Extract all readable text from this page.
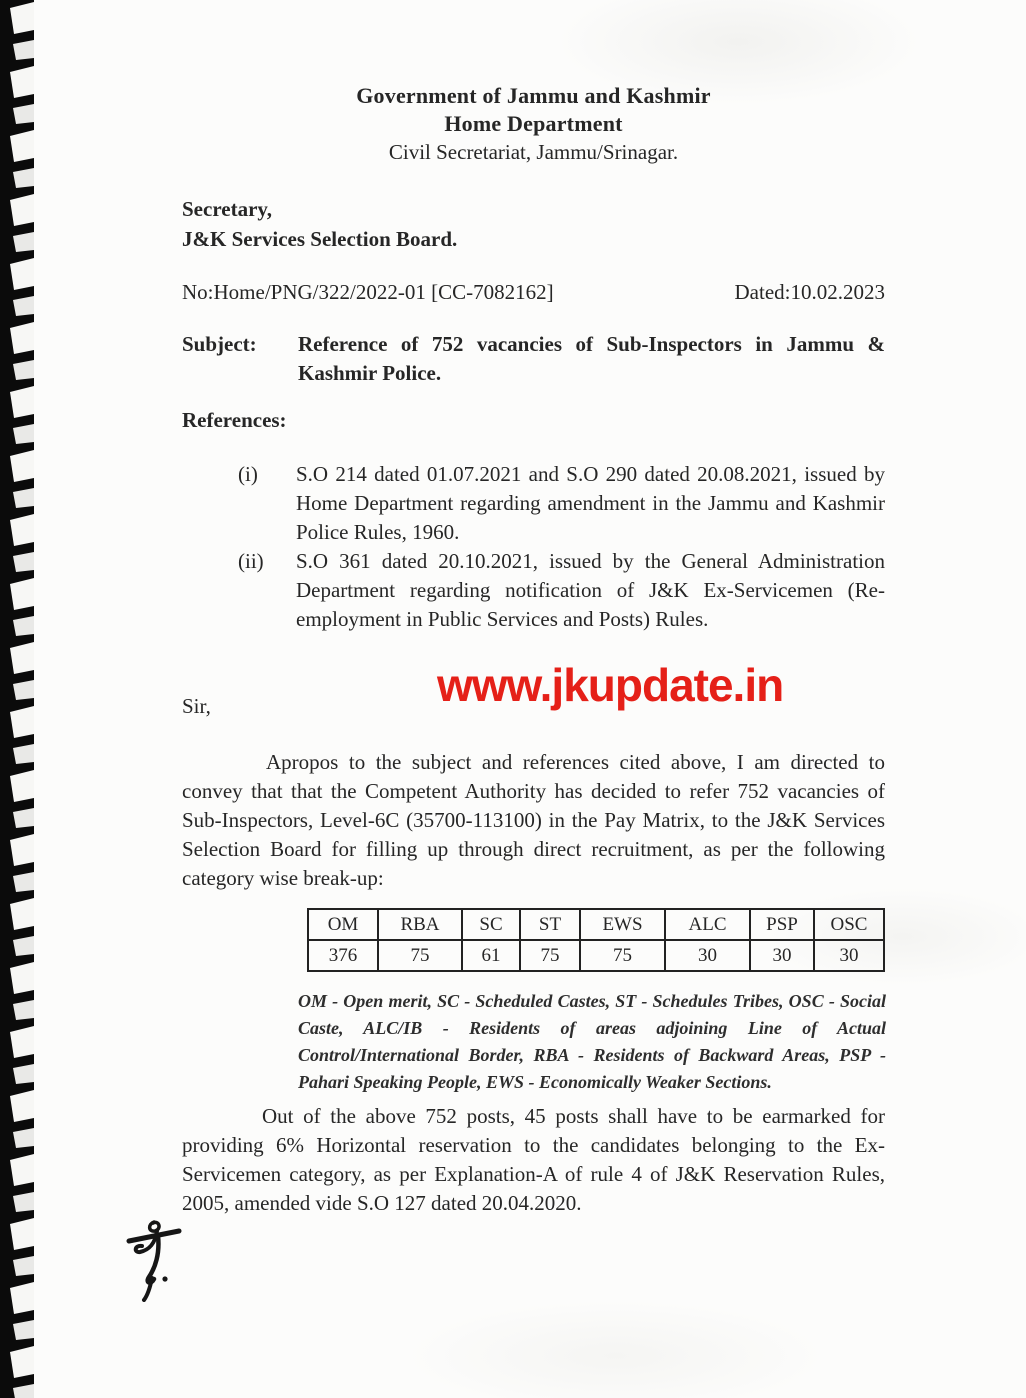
Government of Jammu and Kashmir
Home Department
Civil Secretariat, Jammu/Srinagar.
Secretary,
J&K Services Selection Board.
No:Home/PNG/322/2022-01 [CC-7082162]	Dated:10.02.2023
Subject:	Reference of 752 vacancies of Sub-Inspectors in Jammu & Kashmir Police.
References:
(i) S.O 214 dated 01.07.2021 and S.O 290 dated 20.08.2021, issued by Home Department regarding amendment in the Jammu and Kashmir Police Rules, 1960.
(ii) S.O 361 dated 20.10.2021, issued by the General Administration Department regarding notification of J&K Ex-Servicemen (Re-employment in Public Services and Posts) Rules.
www.jkupdate.in
Sir,
Apropos to the subject and references cited above, I am directed to convey that that the Competent Authority has decided to refer 752 vacancies of Sub-Inspectors, Level-6C (35700-113100) in the Pay Matrix, to the J&K Services Selection Board for filling up through direct recruitment, as per the following category wise break-up:
OM	RBA	SC	ST	EWS	ALC	PSP	OSC
376	75	61	75	75	30	30	30
OM - Open merit, SC - Scheduled Castes, ST - Schedules Tribes, OSC - Social Caste, ALC/IB - Residents of areas adjoining Line of Actual Control/International Border, RBA - Residents of Backward Areas, PSP - Pahari Speaking People, EWS - Economically Weaker Sections.
Out of the above 752 posts, 45 posts shall have to be earmarked for providing 6% Horizontal reservation to the candidates belonging to the Ex-Servicemen category, as per Explanation-A of rule 4 of J&K Reservation Rules, 2005, amended vide S.O 127 dated 20.04.2020.
